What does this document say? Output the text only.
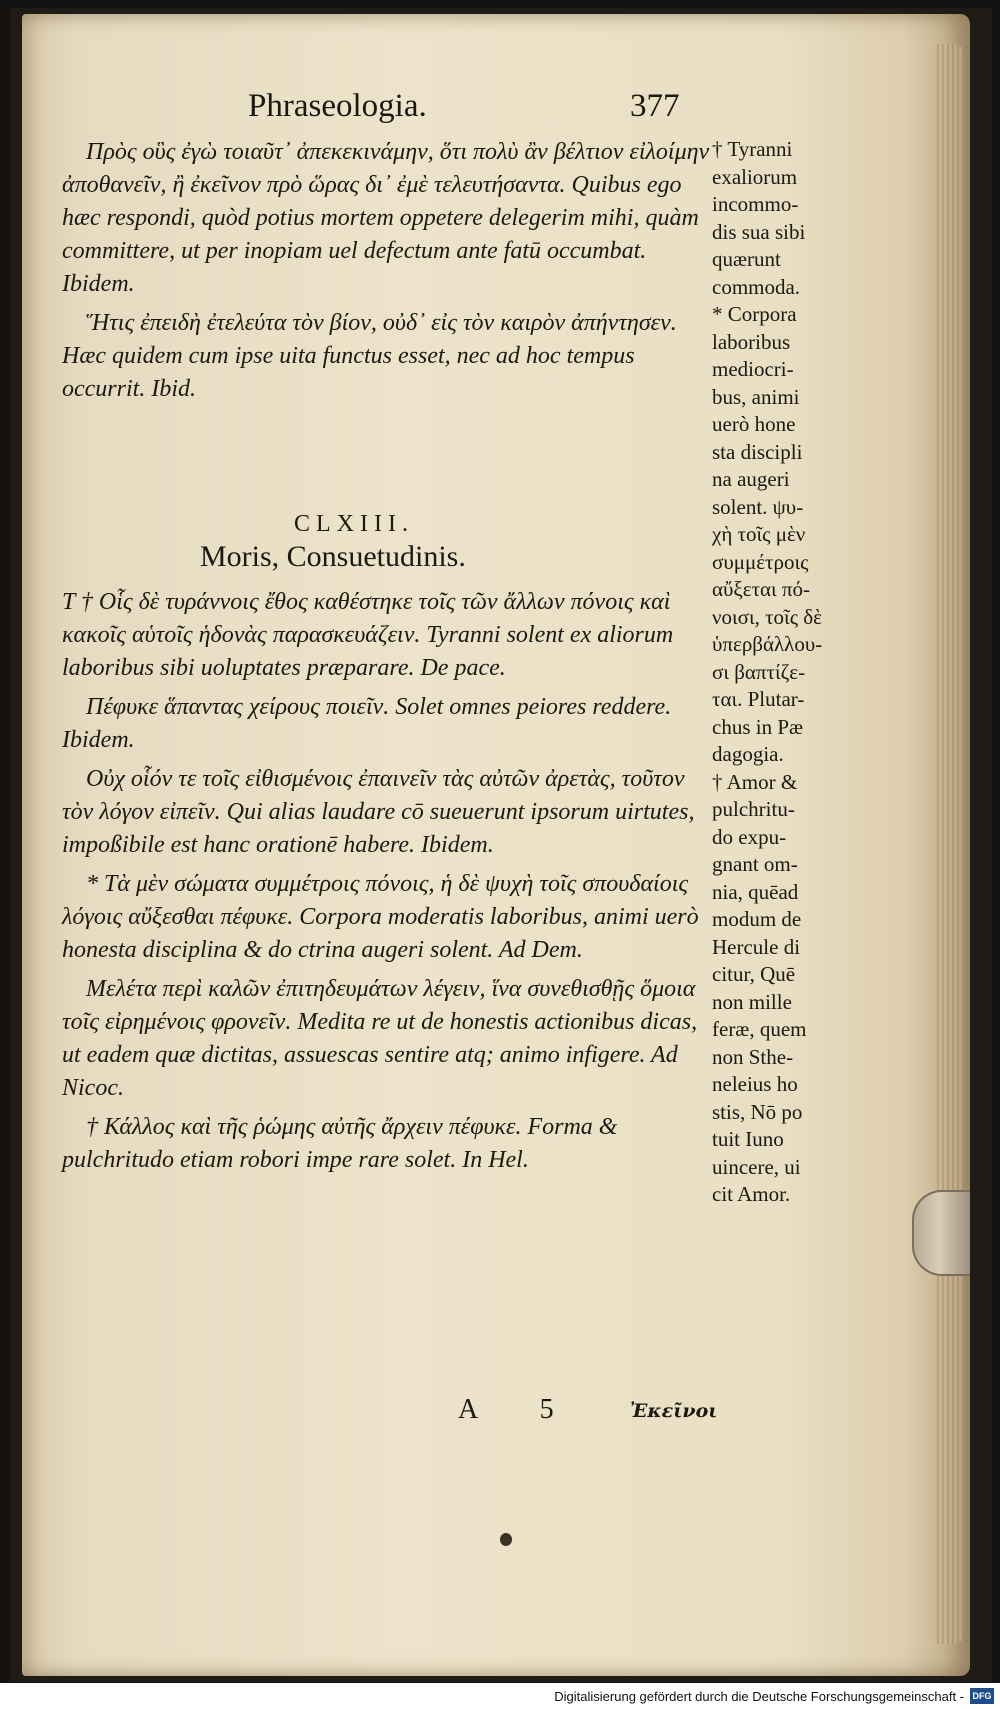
Phraseologia.	377

Πρὸς οὓς ἐγὼ τοιαῦτ᾽ ἀπεκεκινάμην, ὅτι πολὺ ἂν βέλτιον εἰλοίμην ἀποθανεῖν, ἢ ἐκεῖνον πρὸ ὥρας δι᾽ ἐμὲ τελευτήσαντα. Quibus ego hæc respondi, quòd potius mortem oppetere delegerim mihi, quàm committere, ut per inopiam uel defectum ante fatū occumbat. Ibidem.

Ἥτις ἐπειδὴ ἐτελεύτα τὸν βίον, οὐδ᾽ εἰς τὸν καιρὸν ἀπήντησεν. Hæc quidem cum ipse uita functus esset, nec ad hoc tempus occurrit. Ibid.

CLXIII.
Moris, Consuetudinis.

T † Οἷς δὲ τυράννοις ἔθος καθέστηκε τοῖς τῶν ἄλλων πόνοις καὶ κακοῖς αὑτοῖς ἡδονὰς παρασκευάζειν. Tyranni solent ex aliorum laboribus sibi uoluptates præparare. De pace.

Πέφυκε ἅπαντας χείρους ποιεῖν. Solet omnes peiores reddere. Ibidem.

Οὐχ οἷόν τε τοῖς εἰθισμένοις ἐπαινεῖν τὰς αὐτῶν ἀρετὰς, τοῦτον τὸν λόγον εἰπεῖν. Qui alias laudare cō sueuerunt ipsorum uirtutes, impoßibile est hanc orationē habere. Ibidem.

* Τὰ μὲν σώματα συμμέτροις πόνοις, ἡ δὲ ψυχὴ τοῖς σπουδαίοις λόγοις αὔξεσθαι πέφυκε. Corpora moderatis laboribus, animi uerò honesta disciplina & do ctrina augeri solent. Ad Dem.

Μελέτα περὶ καλῶν ἐπιτηδευμάτων λέγειν, ἵνα συνεθισθῇς ὅμοια τοῖς εἰρημένοις φρονεῖν. Medita re ut de honestis actionibus dicas, ut eadem quæ dictitas, assuescas sentire atq; animo infigere. Ad Nicoc.

† Κάλλος καὶ τῆς ῥώμης αὐτῆς ἄρχειν πέφυκε. Forma & pulchritudo etiam robori impe rare solet. In Hel.

† Tyranni
exaliorum
incommo-
dis sua sibi
quærunt
commoda.
* Corpora
laboribus
mediocri-
bus, animi
uerò hone
sta discipli
na augeri
solent. ψυ-
χὴ τοῖς μὲν
συμμέτροις
αὔξεται πό-
νοισι, τοῖς δὲ
ὑπερβάλλου-
σι βαπτίζε-
ται. Plutar-
chus in Pæ
dagogia.
† Amor &
pulchritu-
do expu-
gnant om-
nia, quēad
modum de
Hercule di
citur, Quē
non mille
feræ, quem
non Sthe-
neleius ho
stis, Nō po
tuit Iuno
uincere, ui
cit Amor.
A 5	Ἐκεῖνοι
Digitalisierung gefördert durch die Deutsche Forschungsgemeinschaft - DFG
